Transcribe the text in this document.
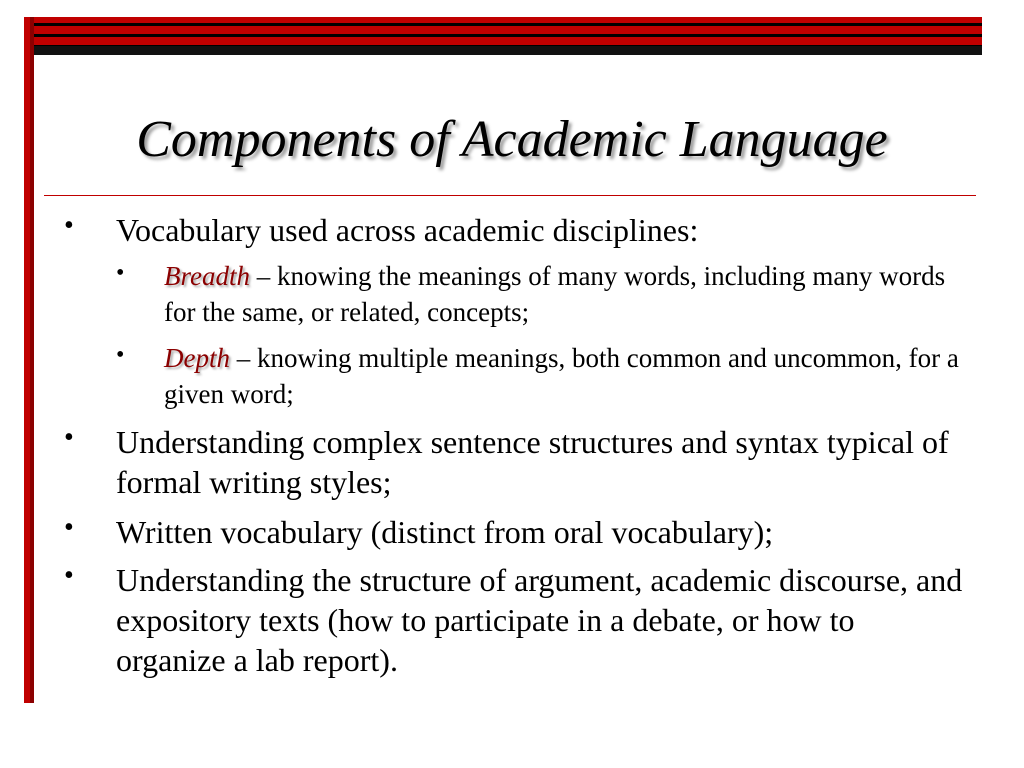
Components of Academic Language
• Vocabulary used across academic disciplines:
• Breadth – knowing the meanings of many words, including many words for the same, or related, concepts;
• Depth – knowing multiple meanings, both common and uncommon, for a given word;
• Understanding complex sentence structures and syntax typical of formal writing styles;
• Written vocabulary (distinct from oral vocabulary);
• Understanding the structure of argument, academic discourse, and expository texts (how to participate in a debate, or how to organize a lab report).
